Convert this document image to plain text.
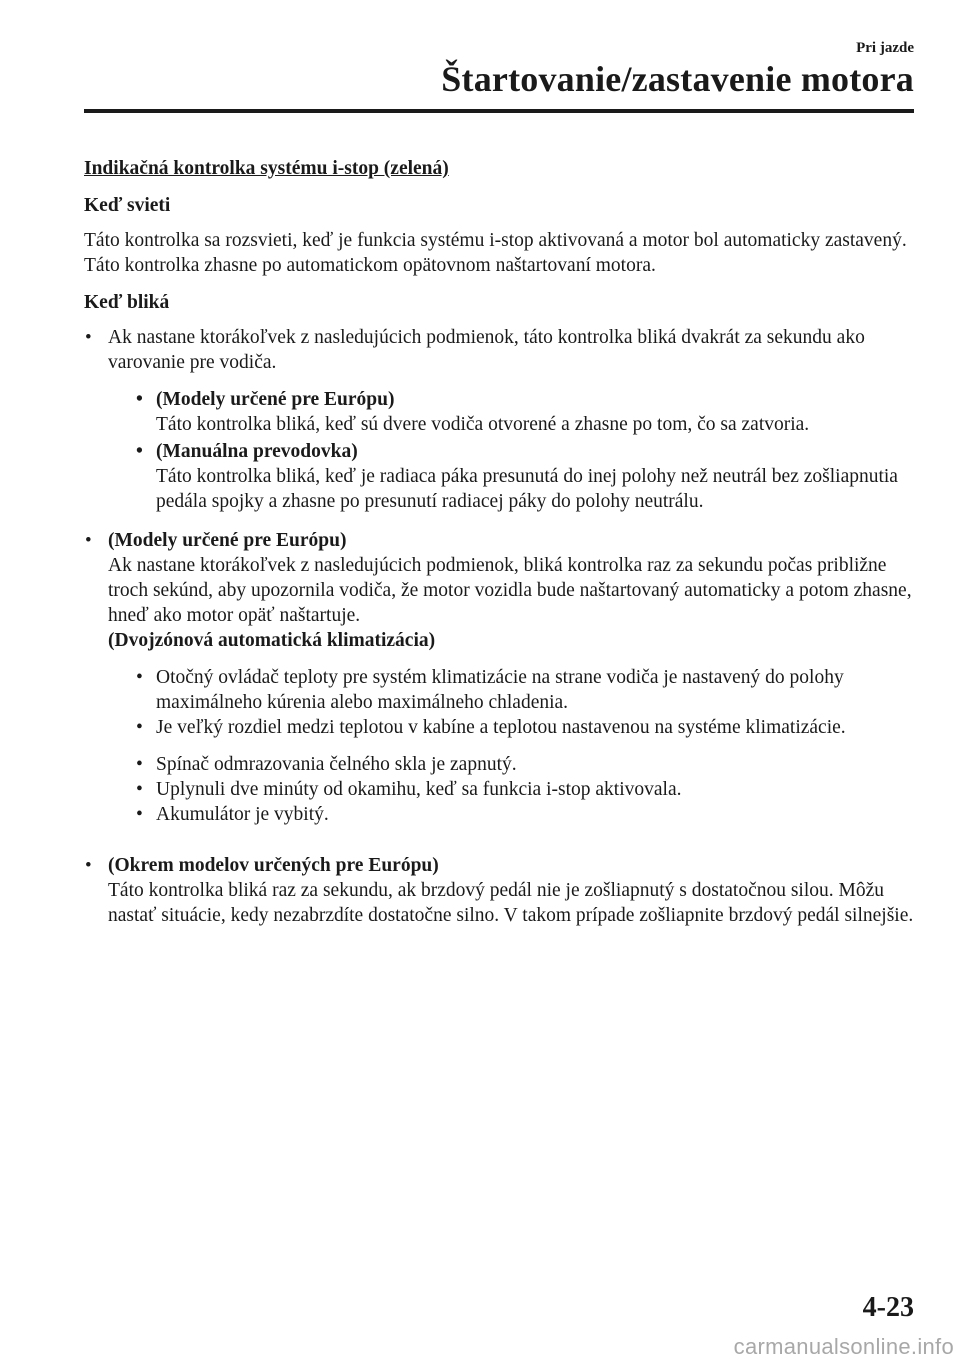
Pri jazde
Štartovanie/zastavenie motora

Indikačná kontrolka systému i-stop (zelená)

Keď svieti

Táto kontrolka sa rozsvieti, keď je funkcia systému i-stop aktivovaná a motor bol automaticky zastavený. Táto kontrolka zhasne po automatickom opätovnom naštartovaní motora.

Keď bliká

• Ak nastane ktorákoľvek z nasledujúcich podmienok, táto kontrolka bliká dvakrát za sekundu ako varovanie pre vodiča.

• (Modely určené pre Európu)

Táto kontrolka bliká, keď sú dvere vodiča otvorené a zhasne po tom, čo sa zatvoria.

• (Manuálna prevodovka)

Táto kontrolka bliká, keď je radiaca páka presunutá do inej polohy než neutrál bez zošliapnutia pedála spojky a zhasne po presunutí radiacej páky do polohy neutrálu.

• (Modely určené pre Európu)

Ak nastane ktorákoľvek z nasledujúcich podmienok, bliká kontrolka raz za sekundu počas približne troch sekúnd, aby upozornila vodiča, že motor vozidla bude naštartovaný automaticky a potom zhasne, hneď ako motor opäť naštartuje.

(Dvojzónová automatická klimatizácia)

• Otočný ovládač teploty pre systém klimatizácie na strane vodiča je nastavený do polohy maximálneho kúrenia alebo maximálneho chladenia.

• Je veľký rozdiel medzi teplotou v kabíne a teplotou nastavenou na systéme klimatizácie.

• Spínač odmrazovania čelného skla je zapnutý.

• Uplynuli dve minúty od okamihu, keď sa funkcia i-stop aktivovala.

• Akumulátor je vybitý.

• (Okrem modelov určených pre Európu)

Táto kontrolka bliká raz za sekundu, ak brzdový pedál nie je zošliapnutý s dostatočnou silou. Môžu nastať situácie, kedy nezabrzdíte dostatočne silno. V takom prípade zošliapnite brzdový pedál silnejšie.

4-23
carmanualsonline.info
